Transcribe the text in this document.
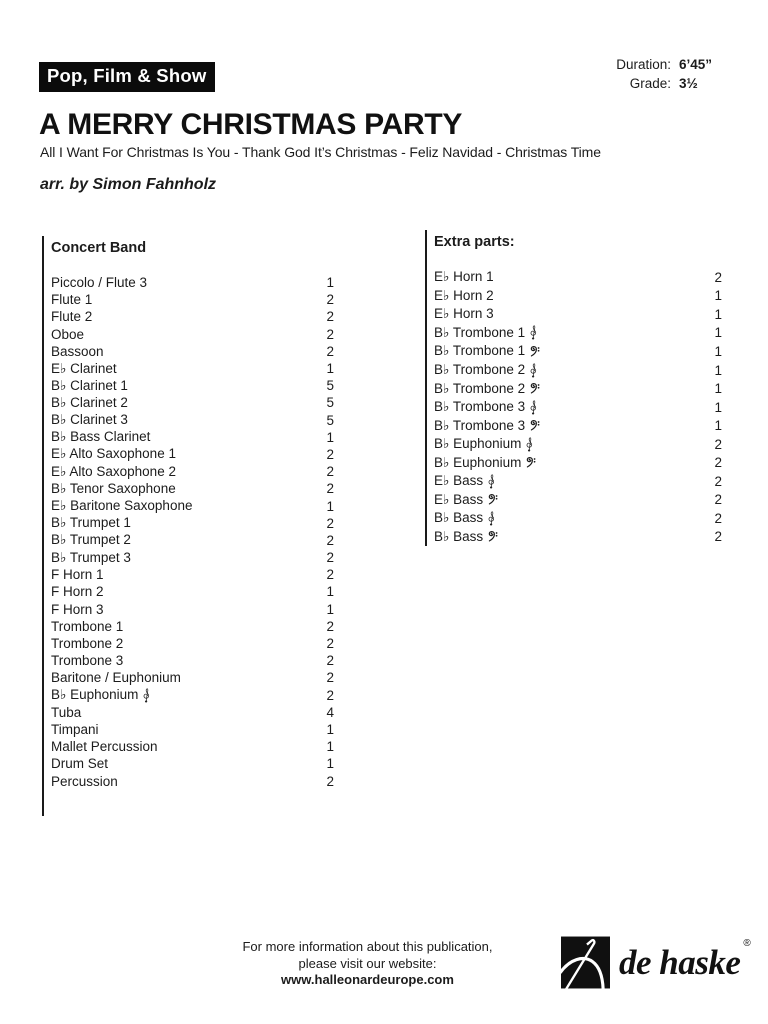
Pop, Film & Show
Duration: 6’45”
Grade: 3½
A MERRY CHRISTMAS PARTY
All I Want For Christmas Is You - Thank God It’s Christmas - Feliz Navidad - Christmas Time
arr. by Simon Fahnholz
Concert Band
Piccolo / Flute 3	1
Flute 1	2
Flute 2	2
Oboe	2
Bassoon	2
E♭ Clarinet	1
B♭ Clarinet 1	5
B♭ Clarinet 2	5
B♭ Clarinet 3	5
B♭ Bass Clarinet	1
E♭ Alto Saxophone 1	2
E♭ Alto Saxophone 2	2
B♭ Tenor Saxophone	2
E♭ Baritone Saxophone	1
B♭ Trumpet 1	2
B♭ Trumpet 2	2
B♭ Trumpet 3	2
F Horn 1	2
F Horn 2	1
F Horn 3	1
Trombone 1	2
Trombone 2	2
Trombone 3	2
Baritone / Euphonium	2
B♭ Euphonium	2
Tuba	4
Timpani	1
Mallet Percussion	1
Drum Set	1
Percussion	2
Extra parts:
E♭ Horn 1	2
E♭ Horn 2	1
E♭ Horn 3	1
B♭ Trombone 1	1
B♭ Trombone 1	1
B♭ Trombone 2	1
B♭ Trombone 2	1
B♭ Trombone 3	1
B♭ Trombone 3	1
B♭ Euphonium	2
B♭ Euphonium	2
E♭ Bass	2
E♭ Bass	2
B♭ Bass	2
B♭ Bass	2
For more information about this publication,
please visit our website:
www.halleonardeurope.com	de haske ®
